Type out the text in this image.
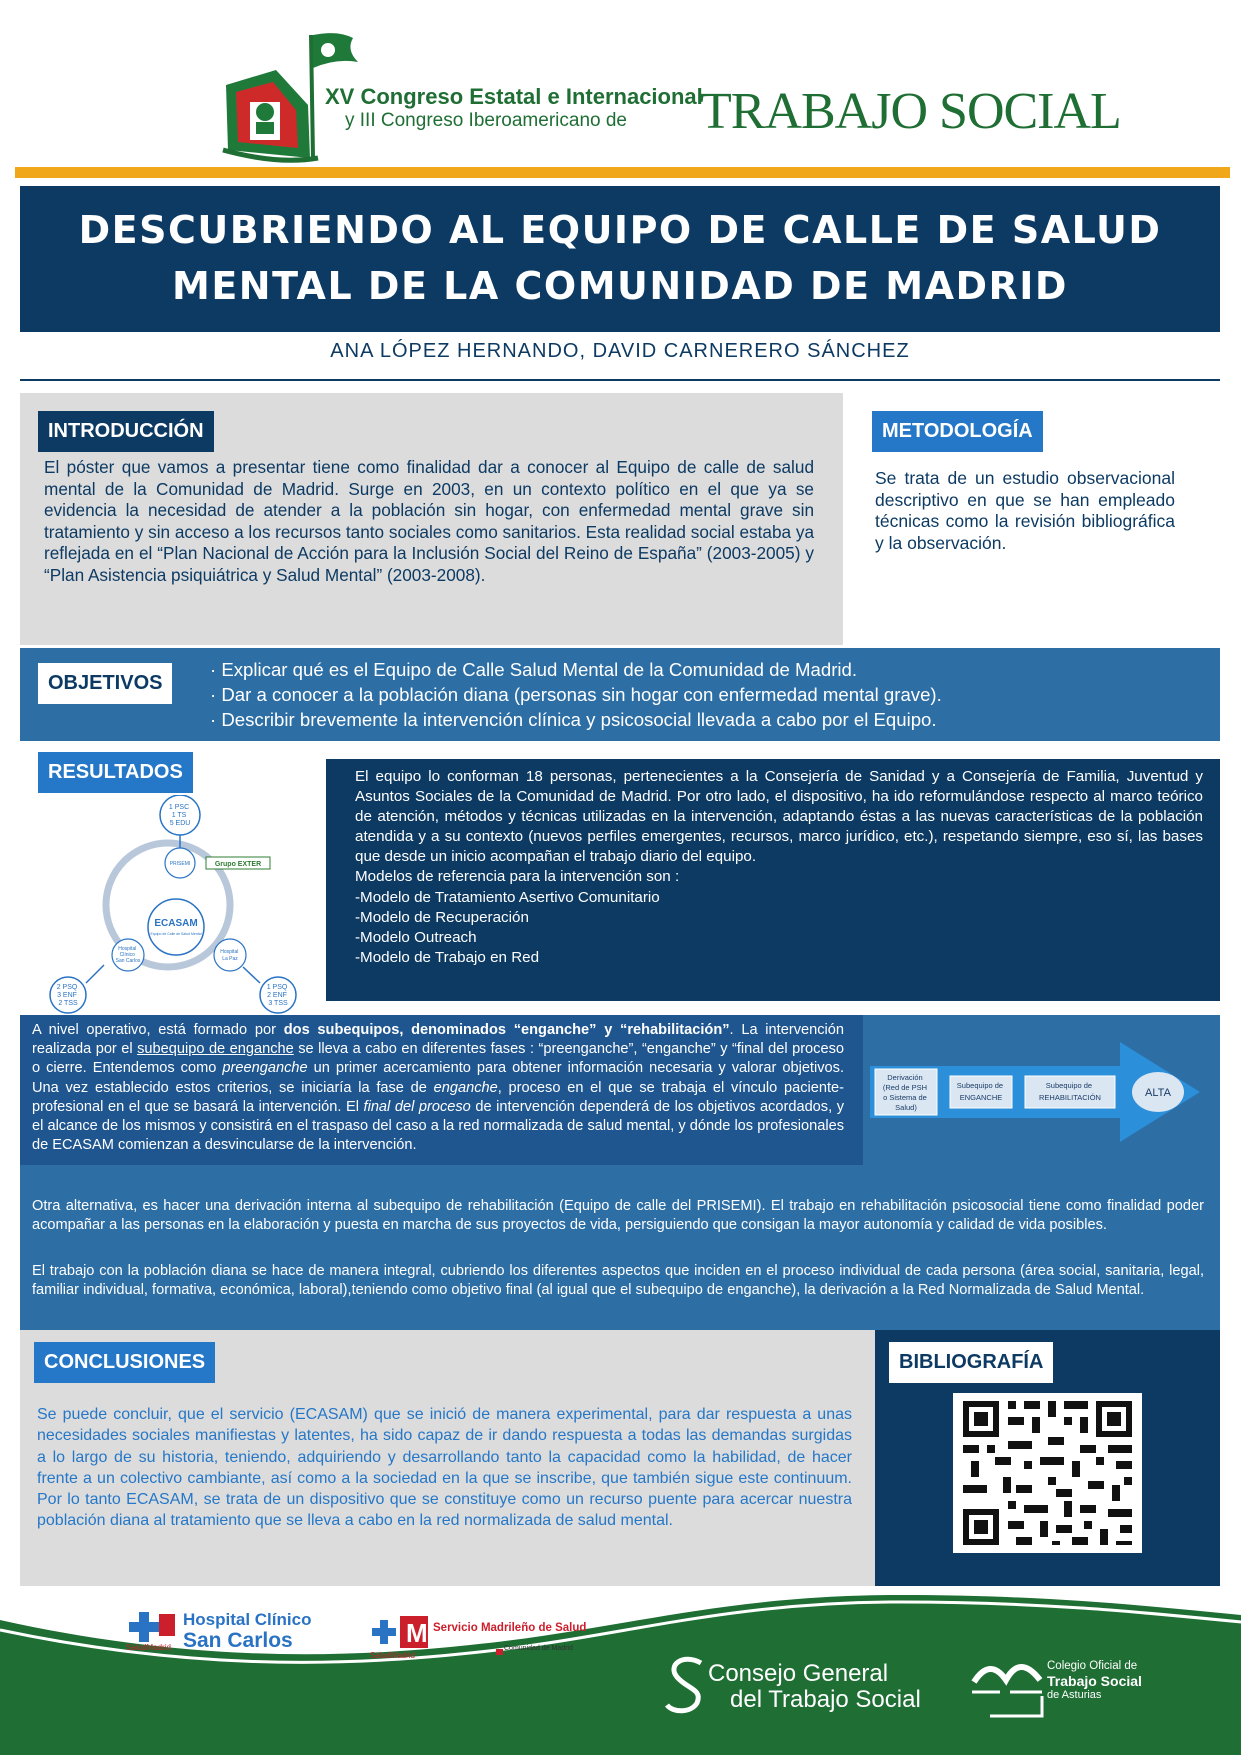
XV Congreso Estatal e Internacional
y III Congreso Iberoamericano de TRABAJO SOCIAL
DESCUBRIENDO AL EQUIPO DE CALLE DE SALUD
MENTAL DE LA COMUNIDAD DE MADRID
ANA LÓPEZ HERNANDO, DAVID CARNERERO SÁNCHEZ
INTRODUCCIÓN
El póster que vamos a presentar tiene como finalidad dar a conocer al Equipo de calle de salud mental de la Comunidad de Madrid. Surge en 2003, en un contexto político en el que ya se evidencia la necesidad de atender a la población sin hogar, con enfermedad mental grave sin tratamiento y sin acceso a los recursos tanto sociales como sanitarios. Esta realidad social estaba ya reflejada en el “Plan Nacional de Acción para la Inclusión Social del Reino de España” (2003-2005) y “Plan Asistencia psiquiátrica y Salud Mental” (2003-2008).
METODOLOGÍA
Se trata de un estudio observacional descriptivo en que se han empleado técnicas como la revisión bibliográfica y la observación.
OBJETIVOS
· Explicar qué es el Equipo de Calle Salud Mental de la Comunidad de Madrid.
· Dar a conocer a la población diana (personas sin hogar con enfermedad mental grave).
· Describir brevemente la intervención clínica y psicosocial llevada a cabo por el Equipo.
RESULTADOS
1 PSC 1 TS 5 EDU
PRISEMI	Grupo EXTER
ECASAM
Equipo de Calle de Salud Mental
Hospital Clínico San Carlos
Hospital La Paz
2 PSQ 3 ENF 2 TSS
1 PSQ 2 ENF 3 TSS
El equipo lo conforman 18 personas, pertenecientes a la Consejería de Sanidad y a Consejería de Familia, Juventud y Asuntos Sociales de la Comunidad de Madrid. Por otro lado, el dispositivo, ha ido reformulándose respecto al marco teórico de atención, métodos y técnicas utilizadas en la intervención, adaptando éstas a las nuevas características de la población atendida y a su contexto (nuevos perfiles emergentes, recursos, marco jurídico, etc.), respetando siempre, eso sí, las bases que desde un inicio acompañan el trabajo diario del equipo.
Modelos de referencia para la intervención son :
-Modelo de Tratamiento Asertivo Comunitario
-Modelo de Recuperación
-Modelo Outreach
-Modelo de Trabajo en Red
A nivel operativo, está formado por dos subequipos, denominados “enganche” y “rehabilitación”. La intervención realizada por el subequipo de enganche se lleva a cabo en diferentes fases : “preenganche”, “enganche” y “final del proceso o cierre. Entendemos como preenganche un primer acercamiento para obtener información necesaria y valorar objetivos. Una vez establecido estos criterios, se iniciaría la fase de enganche, proceso en el que se trabaja el vínculo paciente-profesional en el que se basará la intervención. El final del proceso de intervención dependerá de los objetivos acordados, y el alcance de los mismos y consistirá en el traspaso del caso a la red normalizada de salud mental, y dónde los profesionales de ECASAM comienzan a desvincularse de la intervención.
Derivación (Red de PSH o Sistema de Salud)
Subequipo de ENGANCHE
Subequipo de REHABILITACIÓN	ALTA
Otra alternativa, es hacer una derivación interna al subequipo de rehabilitación (Equipo de calle del PRISEMI). El trabajo en rehabilitación psicosocial tiene como finalidad poder acompañar a las personas en la elaboración y puesta en marcha de sus proyectos de vida, persiguiendo que consigan la mayor autonomía y calidad de vida posibles.
El trabajo con la población diana se hace de manera integral, cubriendo los diferentes aspectos que inciden en el proceso individual de cada persona (área social, sanitaria, legal, familiar individual, formativa, económica, laboral),teniendo como objetivo final (al igual que el subequipo de enganche), la derivación a la Red Normalizada de Salud Mental.
CONCLUSIONES
Se puede concluir, que el servicio (ECASAM) que se inició de manera experimental, para dar respuesta a unas necesidades sociales manifiestas y latentes, ha sido capaz de ir dando respuesta a todas las demandas surgidas a lo largo de su historia, teniendo, adquiriendo y desarrollando tanto la capacidad como la habilidad, de hacer frente a un colectivo cambiante, así como a la sociedad en la que se inscribe, que también sigue este continuum. Por lo tanto ECASAM, se trata de un dispositivo que se constituye como un recurso puente para acercar nuestra población diana al tratamiento que se lleva a cabo en la red normalizada de salud mental.
BIBLIOGRAFÍA
SaludMadrid
Hospital Clínico
San Carlos	M
SaludMadrid
Servicio Madrileño de Salud
Comunidad de Madrid
Consejo General
del Trabajo Social
Colegio Oficial de
Trabajo Social
de Asturias
